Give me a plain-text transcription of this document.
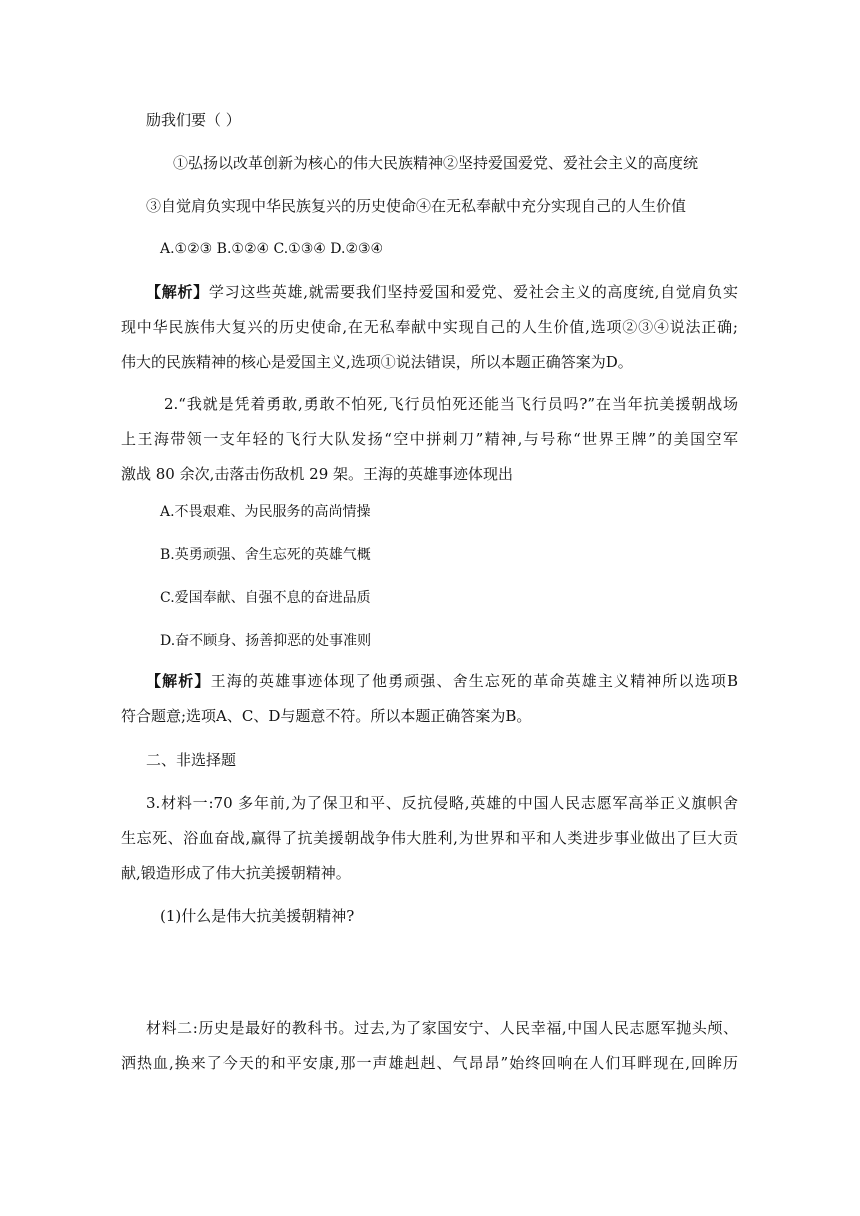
励我们要（ ）
①弘扬以改革创新为核心的伟大民族精神②坚持爱国爱党、爱社会主义的高度统
③自觉肩负实现中华民族复兴的历史使命④在无私奉献中充分实现自己的人生价值
A.①②③ B.①②④ C.①③④ D.②③④
【解析】学习这些英雄,就需要我们坚持爱国和爱党、爱社会主义的高度统,自觉肩负实
现中华民族伟大复兴的历史使命,在无私奉献中实现自己的人生价值,选项②③④说法正确;
伟大的民族精神的核心是爱国主义,选项①说法错误，所以本题正确答案为D。
2.“我就是凭着勇敢,勇敢不怕死,飞行员怕死还能当飞行员吗?”在当年抗美援朝战场
上王海带领一支年轻的飞行大队发扬“空中拼刺刀”精神,与号称“世界王牌”的美国空军
激战 80 余次,击落击伤敌机 29 架。王海的英雄事迹体现出
A.不畏艰难、为民服务的高尚情操
B.英勇顽强、舍生忘死的英雄气概
C.爱国奉献、自强不息的奋进品质
D.奋不顾身、扬善抑恶的处事准则
【解析】王海的英雄事迹体现了他勇顽强、舍生忘死的革命英雄主义精神所以选项B
符合题意;选项A、C、D与题意不符。所以本题正确答案为B。
二、非选择题
3.材料一:70 多年前,为了保卫和平、反抗侵略,英雄的中国人民志愿军高举正义旗帜舍
生忘死、浴血奋战,赢得了抗美援朝战争伟大胜利,为世界和平和人类进步事业做出了巨大贡
献,锻造形成了伟大抗美援朝精神。
(1)什么是伟大抗美援朝精神?
材料二:历史是最好的教科书。过去,为了家国安宁、人民幸福,中国人民志愿军抛头颅、
洒热血,换来了今天的和平安康,那一声雄赳赳、气昂昂”始终回响在人们耳畔现在,回眸历
